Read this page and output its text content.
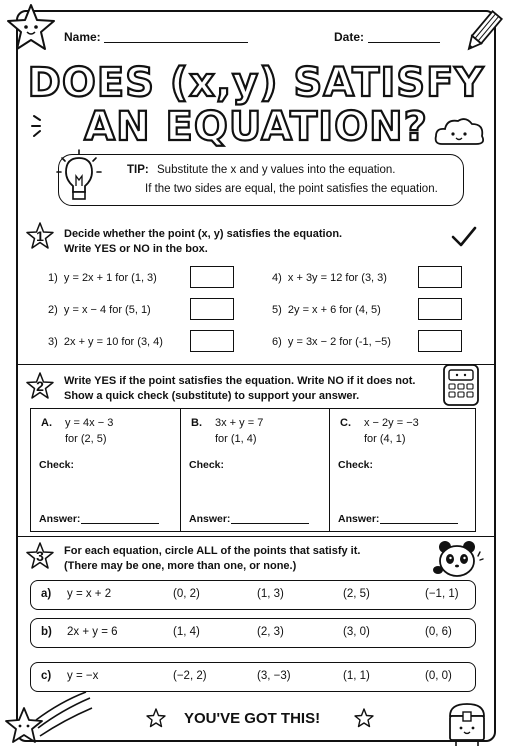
Name:	Date:
DOES (x,y) SATISFY
AN EQUATION?
TIP: Substitute the x and y values into the equation.
If the two sides are equal, the point satisfies the equation.
1 Decide whether the point (x, y) satisfies the equation.
Write YES or NO in the box.
1) y = 2x + 1 for (1, 3)
2) y = x − 4 for (5, 1)
3) 2x + y = 10 for (3, 4)
4) x + 3y = 12 for (3, 3)
5) 2y = x + 6 for (4, 5)
6) y = 3x − 2 for (-1, −5)
2 Write YES if the point satisfies the equation. Write NO if it does not.
Show a quick check (substitute) to support your answer.
A. y = 4x − 3
for (2, 5)
Check:
Answer:
B. 3x + y = 7
for (1, 4)
Check:
Answer:
C. x − 2y = −3
for (4, 1)
Check:
Answer:
3 For each equation, circle ALL of the points that satisfy it.
(There may be one, more than one, or none.)
a) y = x + 2	(0, 2)	(1, 3)	(2, 5)	(−1, 1)
b) 2x + y = 6	(1, 4)	(2, 3)	(3, 0)	(0, 6)
c) y = −x	(−2, 2)	(3, −3)	(1, 1)	(0, 0)
YOU'VE GOT THIS!
